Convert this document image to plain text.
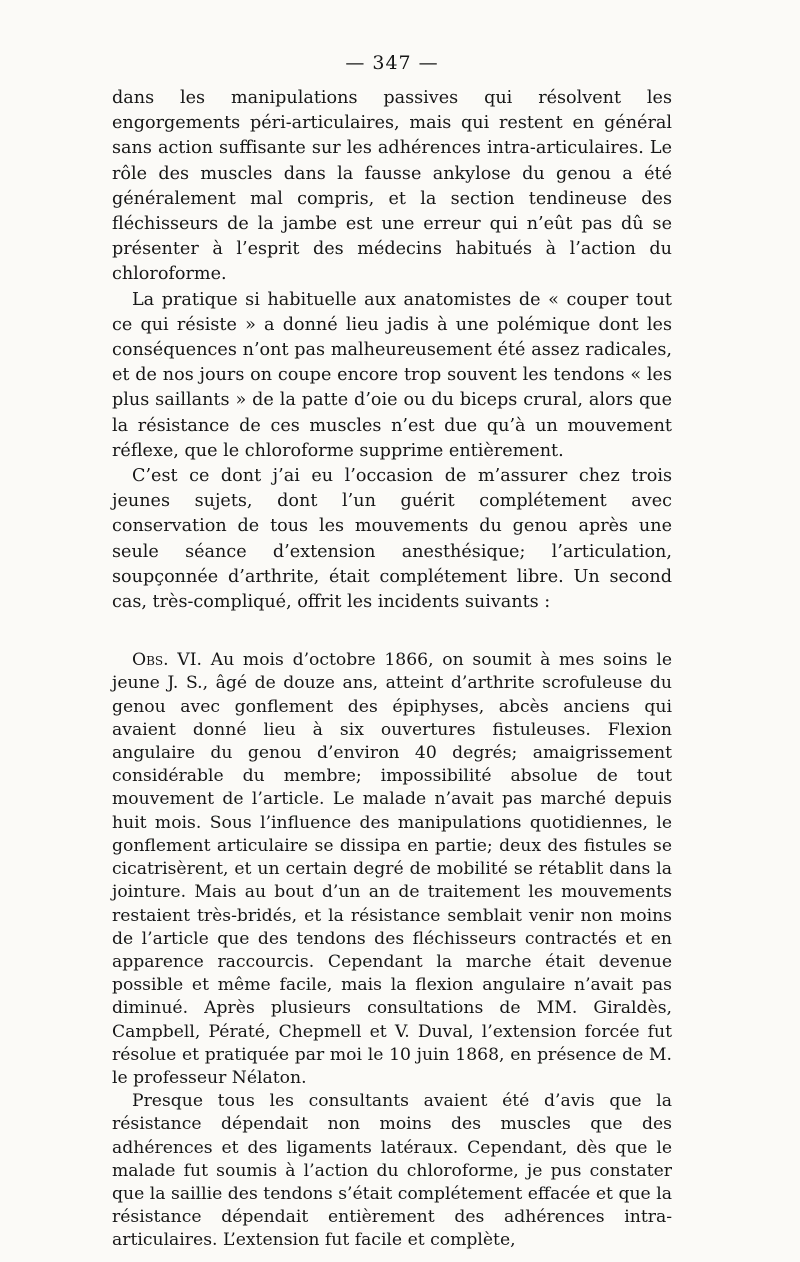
— 347 —

dans les manipulations passives qui résolvent les engorgements péri-articulaires, mais qui restent en général sans action suffisante sur les adhérences intra-articulaires. Le rôle des muscles dans la fausse ankylose du genou a été généralement mal compris, et la section tendineuse des fléchisseurs de la jambe est une erreur qui n’eût pas dû se présenter à l’esprit des médecins habitués à l’action du chloroforme.

La pratique si habituelle aux anatomistes de « couper tout ce qui résiste » a donné lieu jadis à une polémique dont les conséquences n’ont pas malheureusement été assez radicales, et de nos jours on coupe encore trop souvent les tendons « les plus saillants » de la patte d’oie ou du biceps crural, alors que la résistance de ces muscles n’est due qu’à un mouvement réflexe, que le chloroforme supprime entièrement.

C’est ce dont j’ai eu l’occasion de m’assurer chez trois jeunes sujets, dont l’un guérit complétement avec conservation de tous les mouvements du genou après une seule séance d’extension anesthésique; l’articulation, soupçonnée d’arthrite, était complétement libre. Un second cas, très-compliqué, offrit les incidents suivants :

Obs. VI. Au mois d’octobre 1866, on soumit à mes soins le jeune J. S., âgé de douze ans, atteint d’arthrite scrofuleuse du genou avec gonflement des épiphyses, abcès anciens qui avaient donné lieu à six ouvertures fistuleuses. Flexion angulaire du genou d’environ 40 degrés; amaigrissement considérable du membre; impossibilité absolue de tout mouvement de l’article. Le malade n’avait pas marché depuis huit mois. Sous l’influence des manipulations quotidiennes, le gonflement articulaire se dissipa en partie; deux des fistules se cicatrisèrent, et un certain degré de mobilité se rétablit dans la jointure. Mais au bout d’un an de traitement les mouvements restaient très-bridés, et la résistance semblait venir non moins de l’article que des tendons des fléchisseurs contractés et en apparence raccourcis. Cependant la marche était devenue possible et même facile, mais la flexion angulaire n’avait pas diminué. Après plusieurs consultations de MM. Giraldès, Campbell, Pératé, Chepmell et V. Duval, l’extension forcée fut résolue et pratiquée par moi le 10 juin 1868, en présence de M. le professeur Nélaton.

Presque tous les consultants avaient été d’avis que la résistance dépendait non moins des muscles que des adhérences et des ligaments latéraux. Cependant, dès que le malade fut soumis à l’action du chloroforme, je pus constater que la saillie des tendons s’était complétement effacée et que la résistance dépendait entièrement des adhérences intra-articulaires. L’extension fut facile et complète,
